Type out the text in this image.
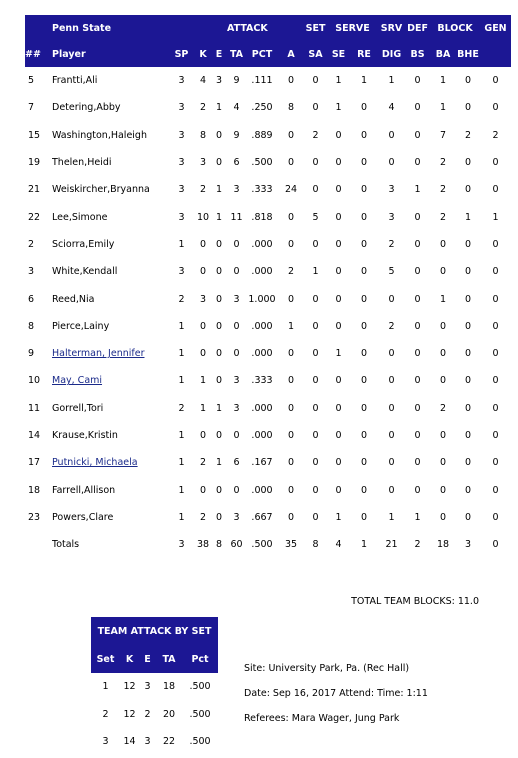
	Penn State				ATTACK			SET	SERVE		SRV	DEF	BLOCK		GEN
##	Player	SP	K	E	TA	PCT	A	SA	SE	RE	DIG	BS	BA	BHE	
5	Frantti,Ali	3	4	3	9	.111	0	0	1	1	1	0	1	0	0
7	Detering,Abby	3	2	1	4	.250	8	0	1	0	4	0	1	0	0
15	Washington,Haleigh	3	8	0	9	.889	0	2	0	0	0	0	7	2	2
19	Thelen,Heidi	3	3	0	6	.500	0	0	0	0	0	0	2	0	0
21	Weiskircher,Bryanna	3	2	1	3	.333	24	0	0	0	3	1	2	0	0
22	Lee,Simone	3	10	1	11	.818	0	5	0	0	3	0	2	1	1
2	Sciorra,Emily	1	0	0	0	.000	0	0	0	0	2	0	0	0	0
3	White,Kendall	3	0	0	0	.000	2	1	0	0	5	0	0	0	0
6	Reed,Nia	2	3	0	3	1.000	0	0	0	0	0	0	1	0	0
8	Pierce,Lainy	1	0	0	0	.000	1	0	0	0	2	0	0	0	0
9	Halterman, Jennifer	1	0	0	0	.000	0	0	1	0	0	0	0	0	0
10	May, Cami	1	1	0	3	.333	0	0	0	0	0	0	0	0	0
11	Gorrell,Tori	2	1	1	3	.000	0	0	0	0	0	0	2	0	0
14	Krause,Kristin	1	0	0	0	.000	0	0	0	0	0	0	0	0	0
17	Putnicki, Michaela	1	2	1	6	.167	0	0	0	0	0	0	0	0	0
18	Farrell,Allison	1	0	0	0	.000	0	0	0	0	0	0	0	0	0
23	Powers,Clare	1	2	0	3	.667	0	0	1	0	1	1	0	0	0
	Totals	3	38	8	60	.500	35	8	4	1	21	2	18	3	0
TOTAL TEAM BLOCKS: 11.0
TEAM ATTACK BY SET				
Set	K	E	TA	Pct
1	12	3	18	.500
2	12	2	20	.500
3	14	3	22	.500
Site: University Park, Pa. (Rec Hall)
Date: Sep 16, 2017 Attend: Time: 1:11
Referees: Mara Wager, Jung Park
